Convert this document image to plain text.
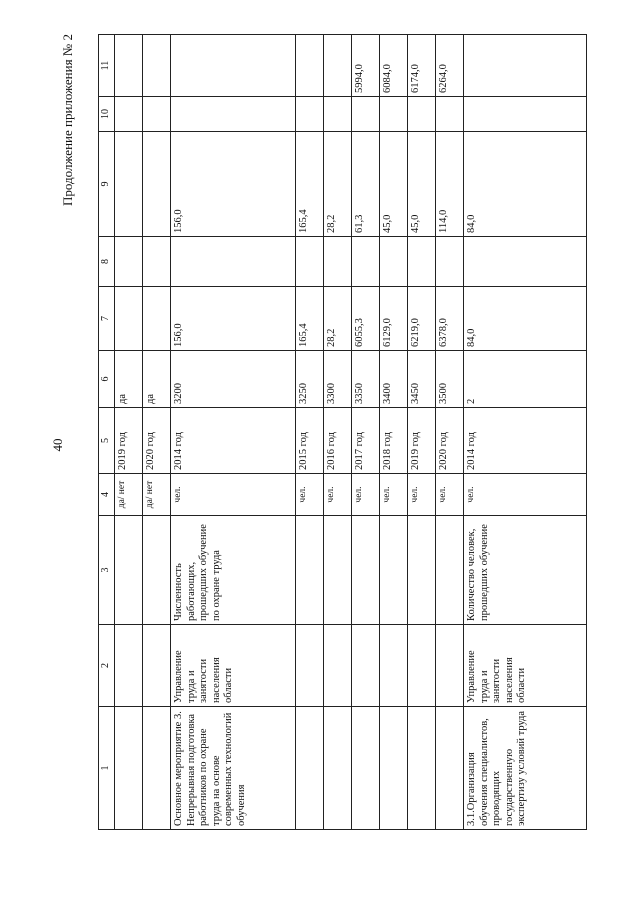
40
Продолжение приложения № 2
1	2	3	4	5	6	7	8	9	10	11
			да/ нет	2019 год	да					
			да/ нет	2020 год	да					
Основное мероприятие 3. Непрерывная подготовка работников по охране труда на основе современных технологий обучения	Управление труда и занятости населения области	Численность работающих, прошедших обучение по охране труда	чел.	2014 год	3200	156,0		156,0		
			чел.	2015 год	3250	165,4		165,4		
			чел.	2016 год	3300	28,2		28,2		
			чел.	2017 год	3350	6055,3		61,3		5994,0
			чел.	2018 год	3400	6129,0		45,0		6084,0
			чел.	2019 год	3450	6219,0		45,0		6174,0
			чел.	2020 год	3500	6378,0		114,0		6264,0
3.1.Организация обучения специалистов, проводящих государственную экспертизу условий труда	Управление труда и занятости населения области	Количество человек, прошедших обучение	чел.	2014 год	2	84,0		84,0		
